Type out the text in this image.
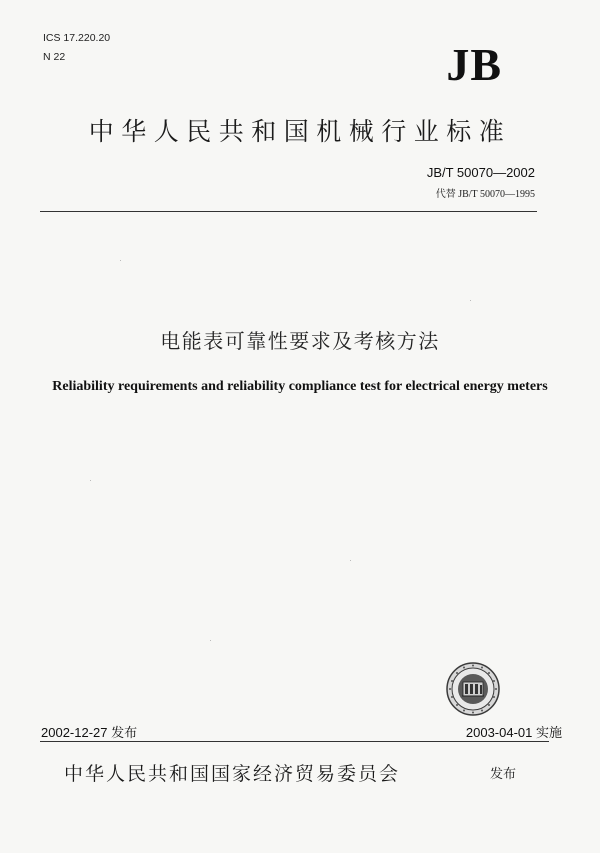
ICS 17.220.20
N 22	JB
中华人民共和国机械行业标准
JB/T 50070—2002
代替 JB/T 50070—1995
电能表可靠性要求及考核方法
Reliability requirements and reliability compliance test for electrical energy meters
2002-12-27 发布	2003-04-01 实施
中华人民共和国国家经济贸易委员会	发布
